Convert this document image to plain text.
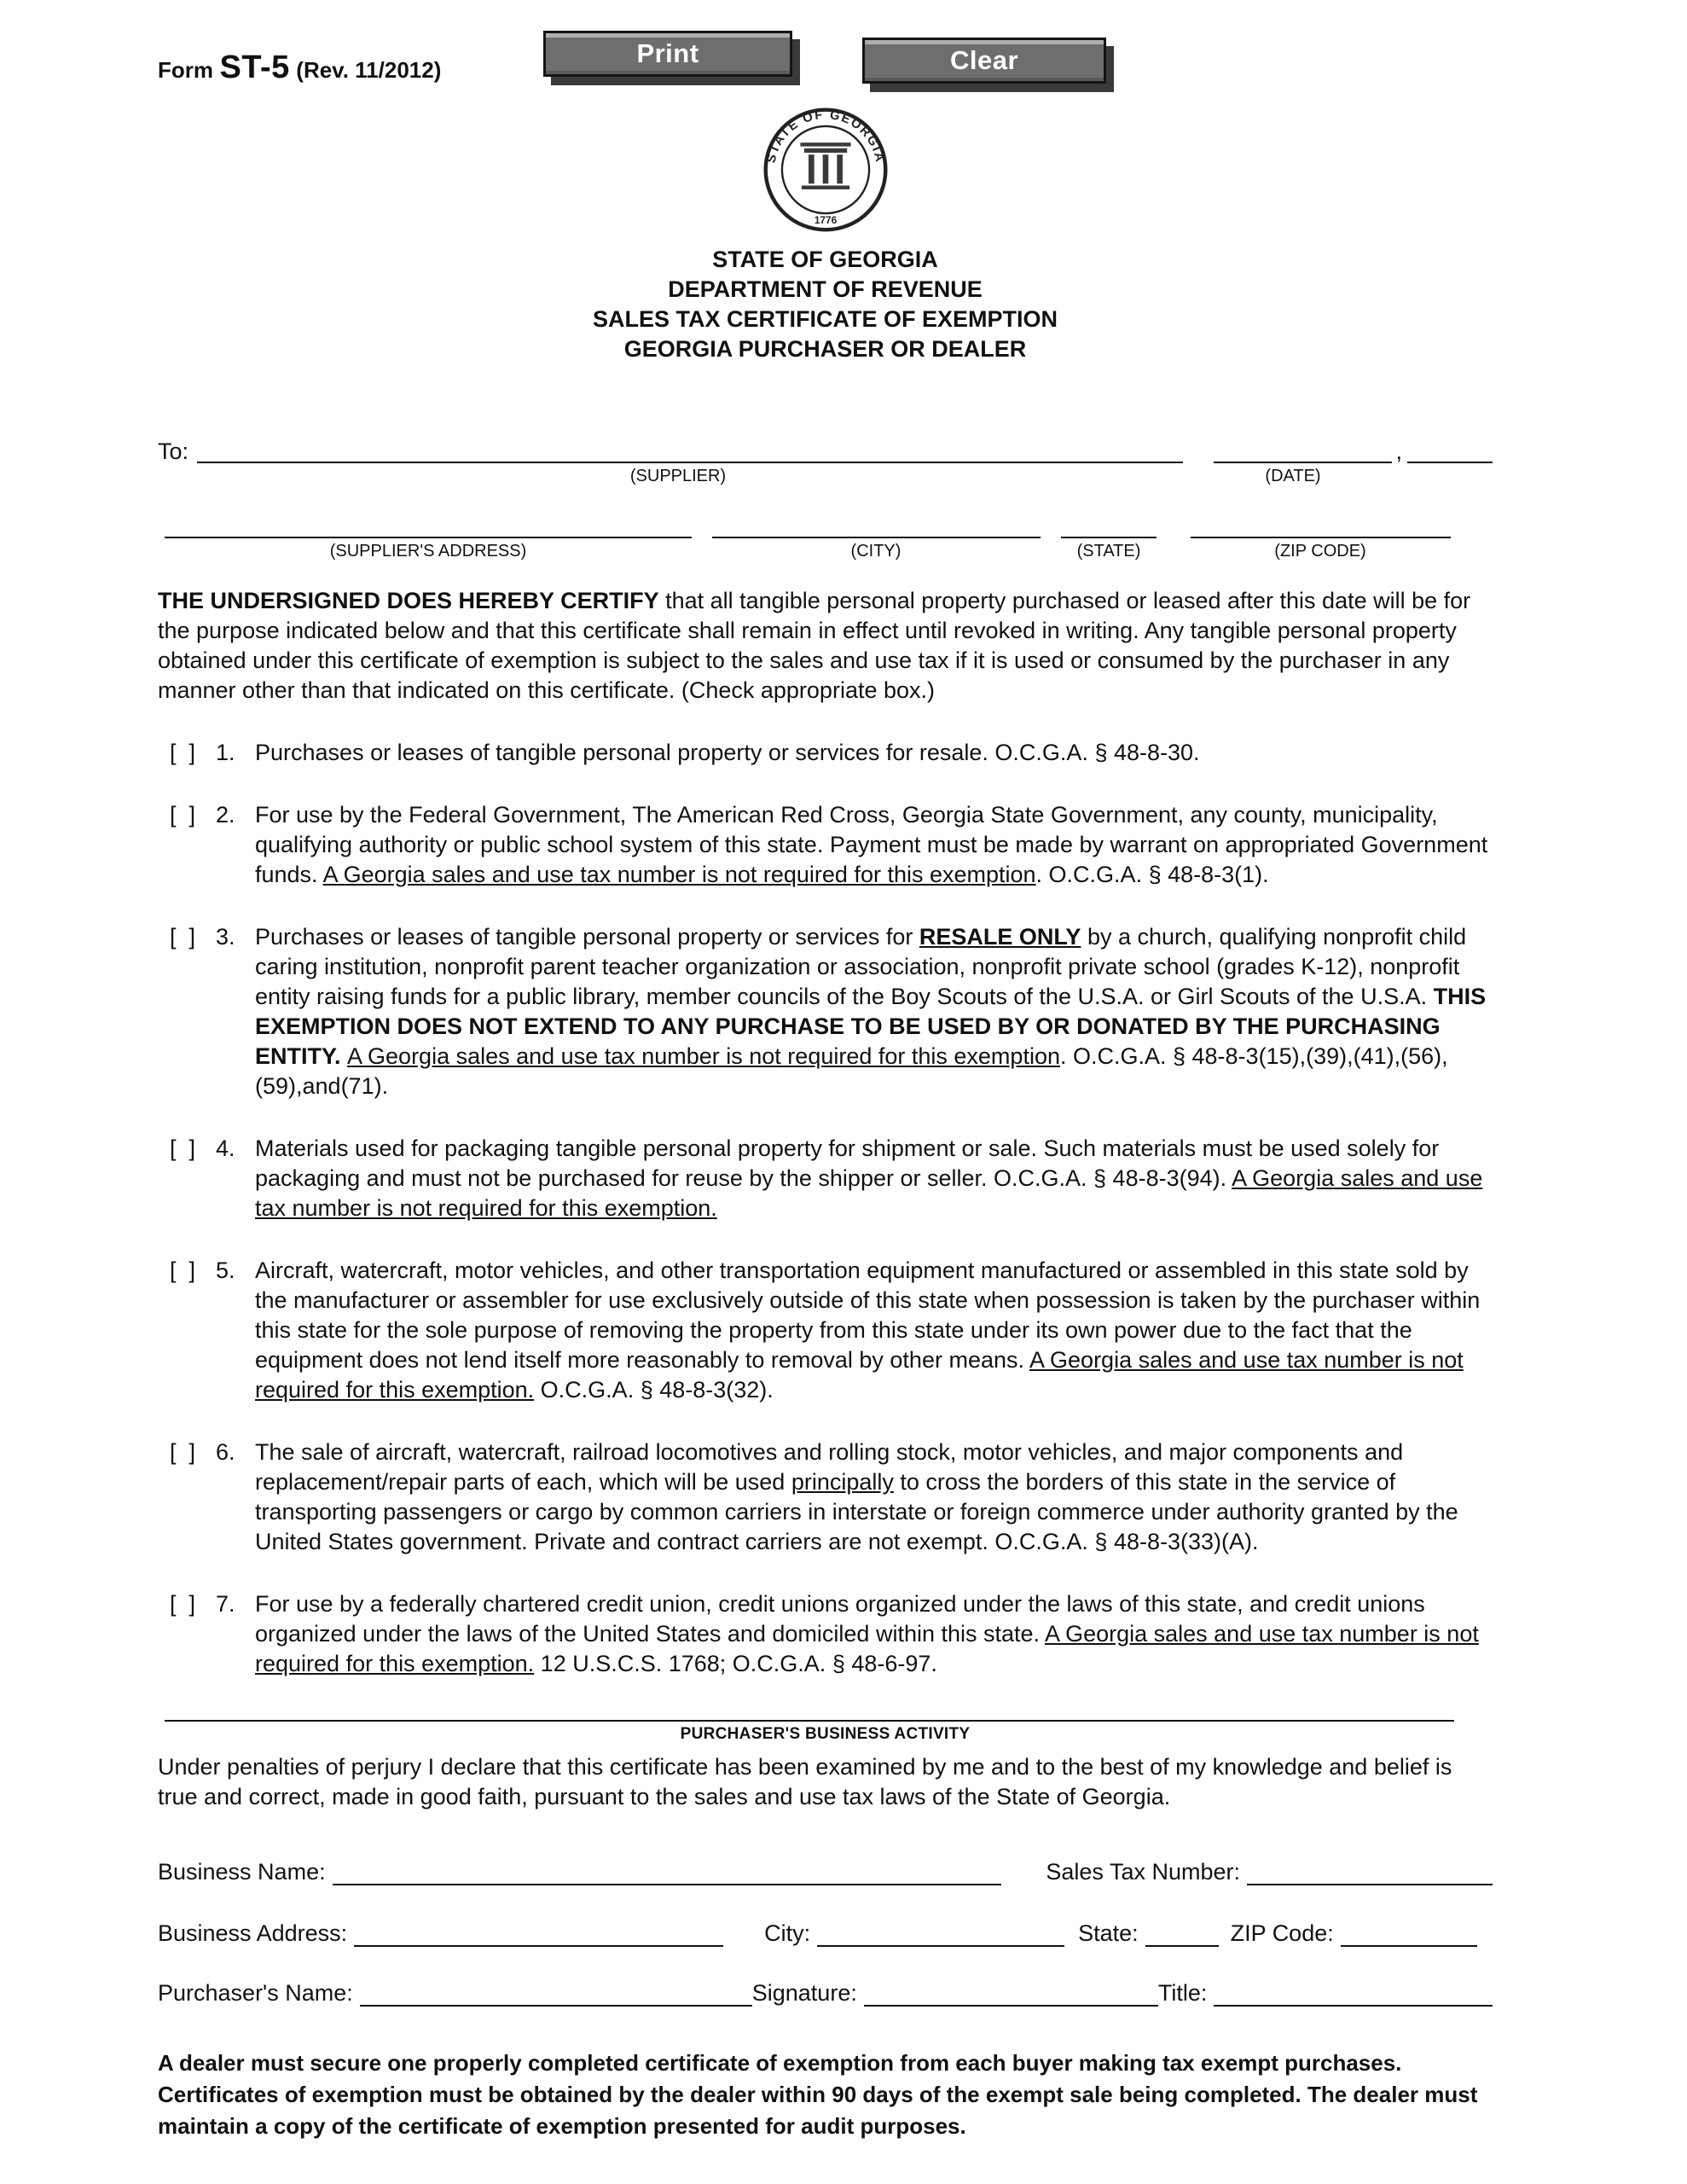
Form ST-5 (Rev. 11/2012)
Print	Clear
STATE OF GEORGIA
1776
STATE OF GEORGIA
DEPARTMENT OF REVENUE
SALES TAX CERTIFICATE OF EXEMPTION
GEORGIA PURCHASER OR DEALER
To:	,
(SUPPLIER)	(DATE)
(SUPPLIER'S ADDRESS)	(CITY)	(STATE)	(ZIP CODE)
THE UNDERSIGNED DOES HEREBY CERTIFY that all tangible personal property purchased or leased after this date will be for the purpose indicated below and that this certificate shall remain in effect until revoked in writing. Any tangible personal property obtained under this certificate of exemption is subject to the sales and use tax if it is used or consumed by the purchaser in any manner other than that indicated on this certificate. (Check appropriate box.)
[  ] 1. Purchases or leases of tangible personal property or services for resale. O.C.G.A. § 48-8-30.
[  ] 2. For use by the Federal Government, The American Red Cross, Georgia State Government, any county, municipality, qualifying authority or public school system of this state. Payment must be made by warrant on appropriated Government funds. A Georgia sales and use tax number is not required for this exemption. O.C.G.A. § 48-8-3(1).
[  ] 3. Purchases or leases of tangible personal property or services for RESALE ONLY by a church, qualifying nonprofit child caring institution, nonprofit parent teacher organization or association, nonprofit private school (grades K-12), nonprofit entity raising funds for a public library, member councils of the Boy Scouts of the U.S.A. or Girl Scouts of the U.S.A. THIS EXEMPTION DOES NOT EXTEND TO ANY PURCHASE TO BE USED BY OR DONATED BY THE PURCHASING ENTITY. A Georgia sales and use tax number is not required for this exemption. O.C.G.A. § 48-8-3(15),(39),(41),(56),(59),and(71).
[  ] 4. Materials used for packaging tangible personal property for shipment or sale. Such materials must be used solely for packaging and must not be purchased for reuse by the shipper or seller. O.C.G.A. § 48-8-3(94). A Georgia sales and use tax number is not required for this exemption.
[  ] 5. Aircraft, watercraft, motor vehicles, and other transportation equipment manufactured or assembled in this state sold by the manufacturer or assembler for use exclusively outside of this state when possession is taken by the purchaser within this state for the sole purpose of removing the property from this state under its own power due to the fact that the equipment does not lend itself more reasonably to removal by other means. A Georgia sales and use tax number is not required for this exemption. O.C.G.A. § 48-8-3(32).
[  ] 6. The sale of aircraft, watercraft, railroad locomotives and rolling stock, motor vehicles, and major components and replacement/repair parts of each, which will be used principally to cross the borders of this state in the service of transporting passengers or cargo by common carriers in interstate or foreign commerce under authority granted by the United States government. Private and contract carriers are not exempt. O.C.G.A. § 48-8-3(33)(A).
[  ] 7. For use by a federally chartered credit union, credit unions organized under the laws of this state, and credit unions organized under the laws of the United States and domiciled within this state. A Georgia sales and use tax number is not required for this exemption. 12 U.S.C.S. 1768; O.C.G.A. § 48-6-97.
PURCHASER'S BUSINESS ACTIVITY
Under penalties of perjury I declare that this certificate has been examined by me and to the best of my knowledge and belief is true and correct, made in good faith, pursuant to the sales and use tax laws of the State of Georgia.
Business Name:	Sales Tax Number:
Business Address:	City:	State:	ZIP Code:
Purchaser's Name:	Signature:	Title:
A dealer must secure one properly completed certificate of exemption from each buyer making tax exempt purchases. Certificates of exemption must be obtained by the dealer within 90 days of the exempt sale being completed. The dealer must maintain a copy of the certificate of exemption presented for audit purposes.
